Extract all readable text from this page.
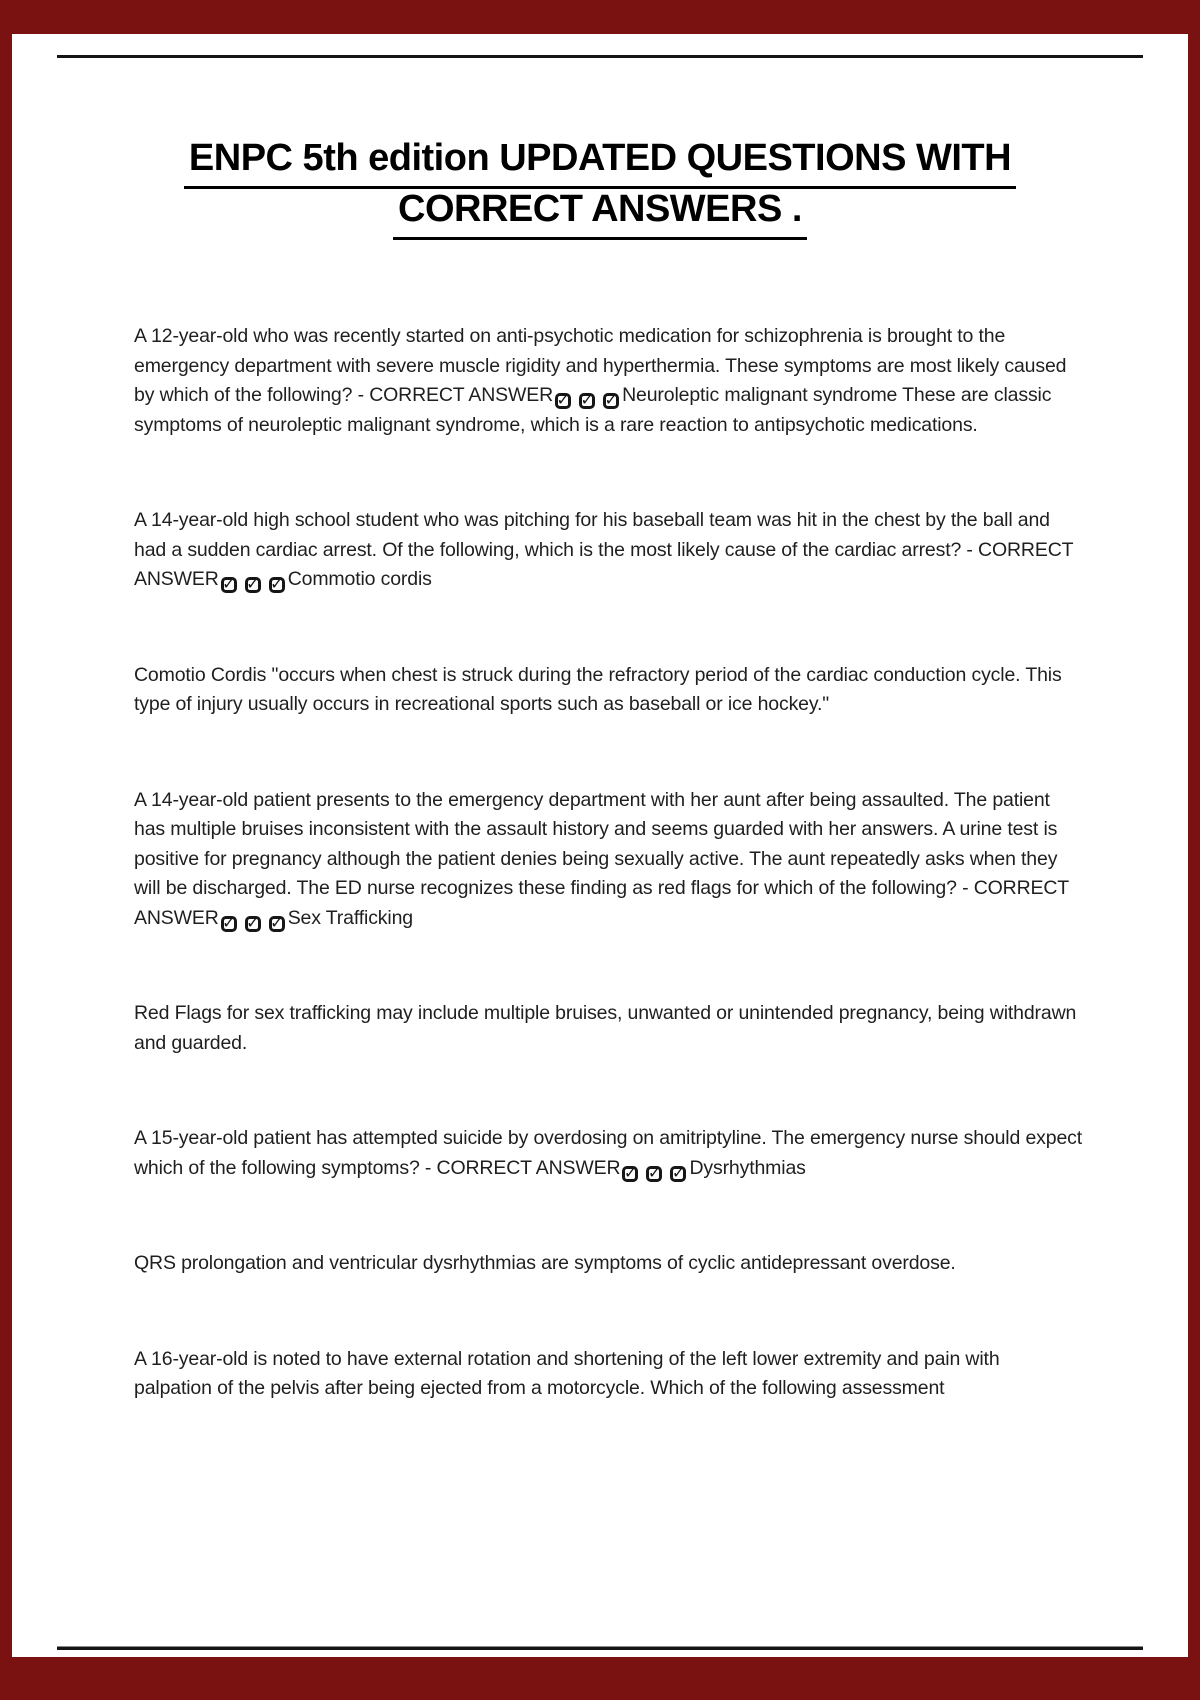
ENPC 5th edition UPDATED QUESTIONS WITH
CORRECT ANSWERS .

A 12-year-old who was recently started on anti-psychotic medication for schizophrenia is brought to the emergency department with severe muscle rigidity and hyperthermia. These symptoms are most likely caused by which of the following? - CORRECT ANSWER ✓ ✓ ✓ Neuroleptic malignant syndrome These are classic symptoms of neuroleptic malignant syndrome, which is a rare reaction to antipsychotic medications.

A 14-year-old high school student who was pitching for his baseball team was hit in the chest by the ball and had a sudden cardiac arrest. Of the following, which is the most likely cause of the cardiac arrest? - CORRECT ANSWER ✓ ✓ ✓ Commotio cordis

Comotio Cordis "occurs when chest is struck during the refractory period of the cardiac conduction cycle. This type of injury usually occurs in recreational sports such as baseball or ice hockey."

A 14-year-old patient presents to the emergency department with her aunt after being assaulted. The patient has multiple bruises inconsistent with the assault history and seems guarded with her answers. A urine test is positive for pregnancy although the patient denies being sexually active. The aunt repeatedly asks when they will be discharged. The ED nurse recognizes these finding as red flags for which of the following? - CORRECT ANSWER ✓ ✓ ✓ Sex Trafficking

Red Flags for sex trafficking may include multiple bruises, unwanted or unintended pregnancy, being withdrawn and guarded.

A 15-year-old patient has attempted suicide by overdosing on amitriptyline. The emergency nurse should expect which of the following symptoms? - CORRECT ANSWER ✓ ✓ ✓ Dysrhythmias

QRS prolongation and ventricular dysrhythmias are symptoms of cyclic antidepressant overdose.

A 16-year-old is noted to have external rotation and shortening of the left lower extremity and pain with palpation of the pelvis after being ejected from a motorcycle. Which of the following assessment
